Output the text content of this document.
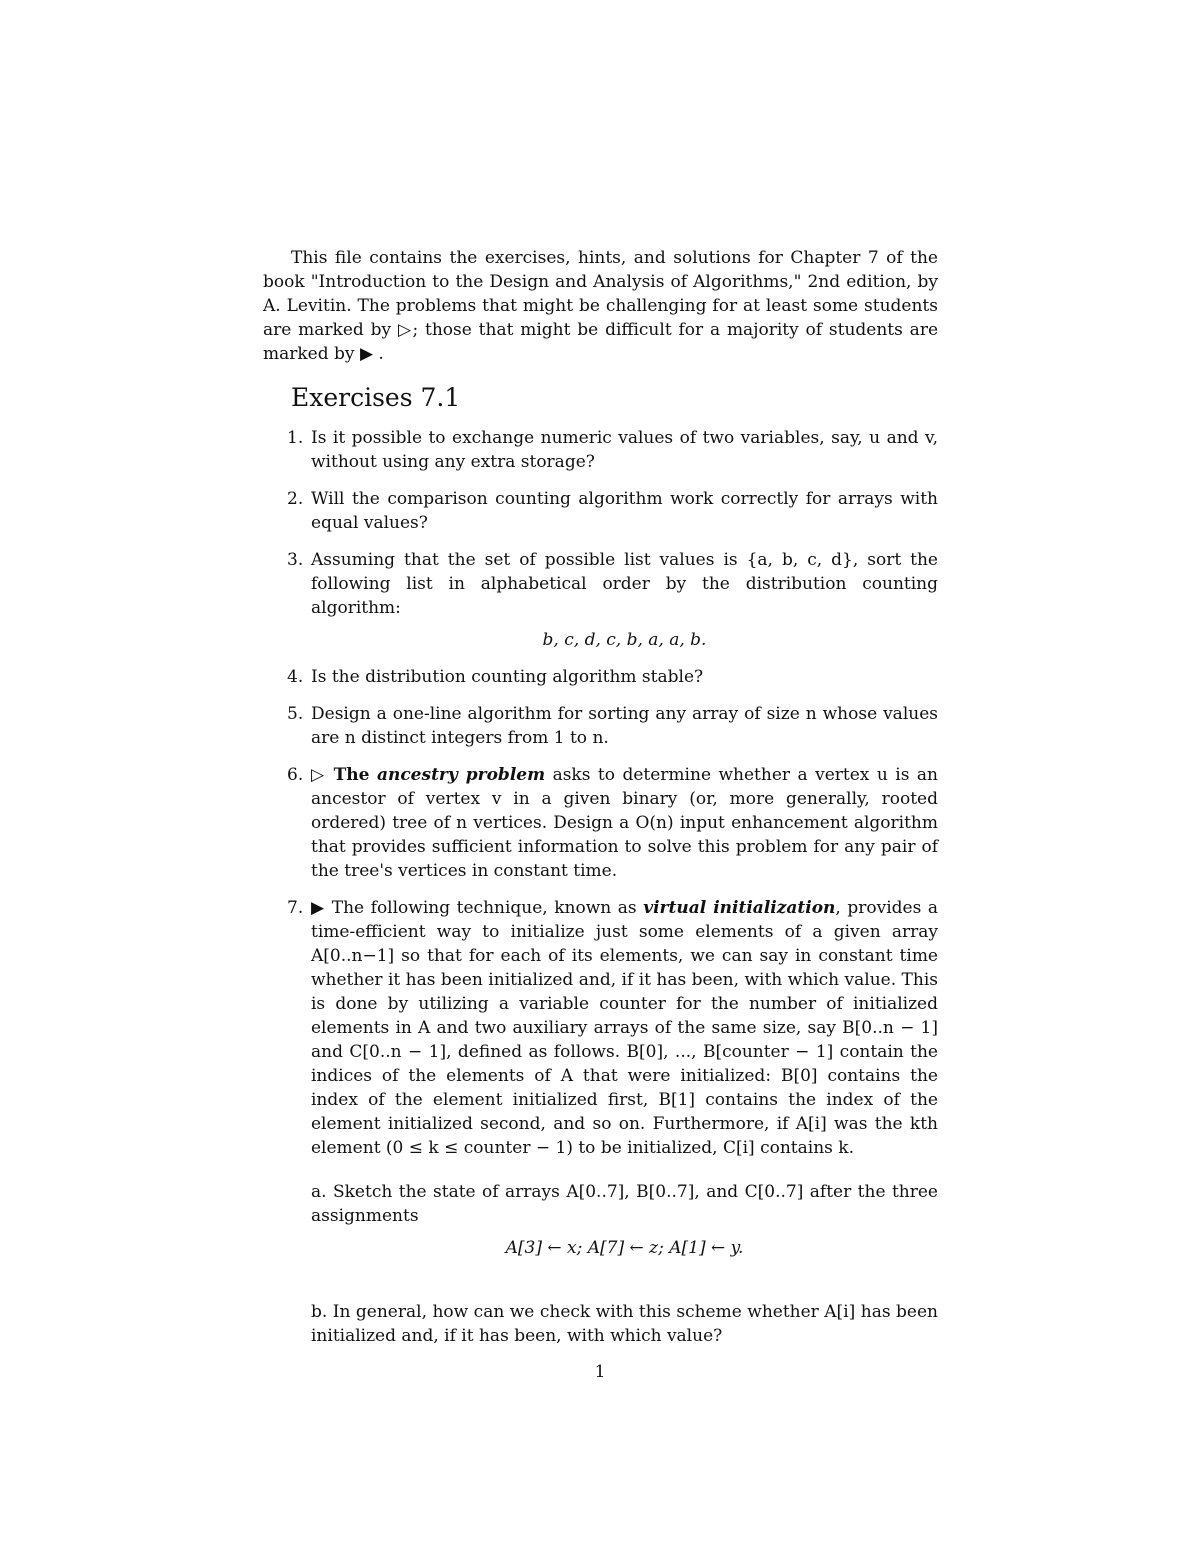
This file contains the exercises, hints, and solutions for Chapter 7 of the book "Introduction to the Design and Analysis of Algorithms," 2nd edition, by A. Levitin. The problems that might be challenging for at least some students are marked by ▷; those that might be difficult for a majority of students are marked by ▶ .

Exercises 7.1
1. Is it possible to exchange numeric values of two variables, say, u and v, without using any extra storage?
2. Will the comparison counting algorithm work correctly for arrays with equal values?
3. Assuming that the set of possible list values is {a, b, c, d}, sort the following list in alphabetical order by the distribution counting algorithm:
b, c, d, c, b, a, a, b.
4. Is the distribution counting algorithm stable?
5. Design a one-line algorithm for sorting any array of size n whose values are n distinct integers from 1 to n.
6. ▷ The ancestry problem asks to determine whether a vertex u is an ancestor of vertex v in a given binary (or, more generally, rooted ordered) tree of n vertices. Design a O(n) input enhancement algorithm that provides sufficient information to solve this problem for any pair of the tree's vertices in constant time.
7. ▶ The following technique, known as virtual initialization, provides a time-efficient way to initialize just some elements of a given array A[0..n−1] so that for each of its elements, we can say in constant time whether it has been initialized and, if it has been, with which value. This is done by utilizing a variable counter for the number of initialized elements in A and two auxiliary arrays of the same size, say B[0..n − 1] and C[0..n − 1], defined as follows. B[0], ..., B[counter − 1] contain the indices of the elements of A that were initialized: B[0] contains the index of the element initialized first, B[1] contains the index of the element initialized second, and so on. Furthermore, if A[i] was the kth element (0 ≤ k ≤ counter − 1) to be initialized, C[i] contains k.
a. Sketch the state of arrays A[0..7], B[0..7], and C[0..7] after the three assignments
A[3] ← x; A[7] ← z; A[1] ← y.
b. In general, how can we check with this scheme whether A[i] has been initialized and, if it has been, with which value?
1
